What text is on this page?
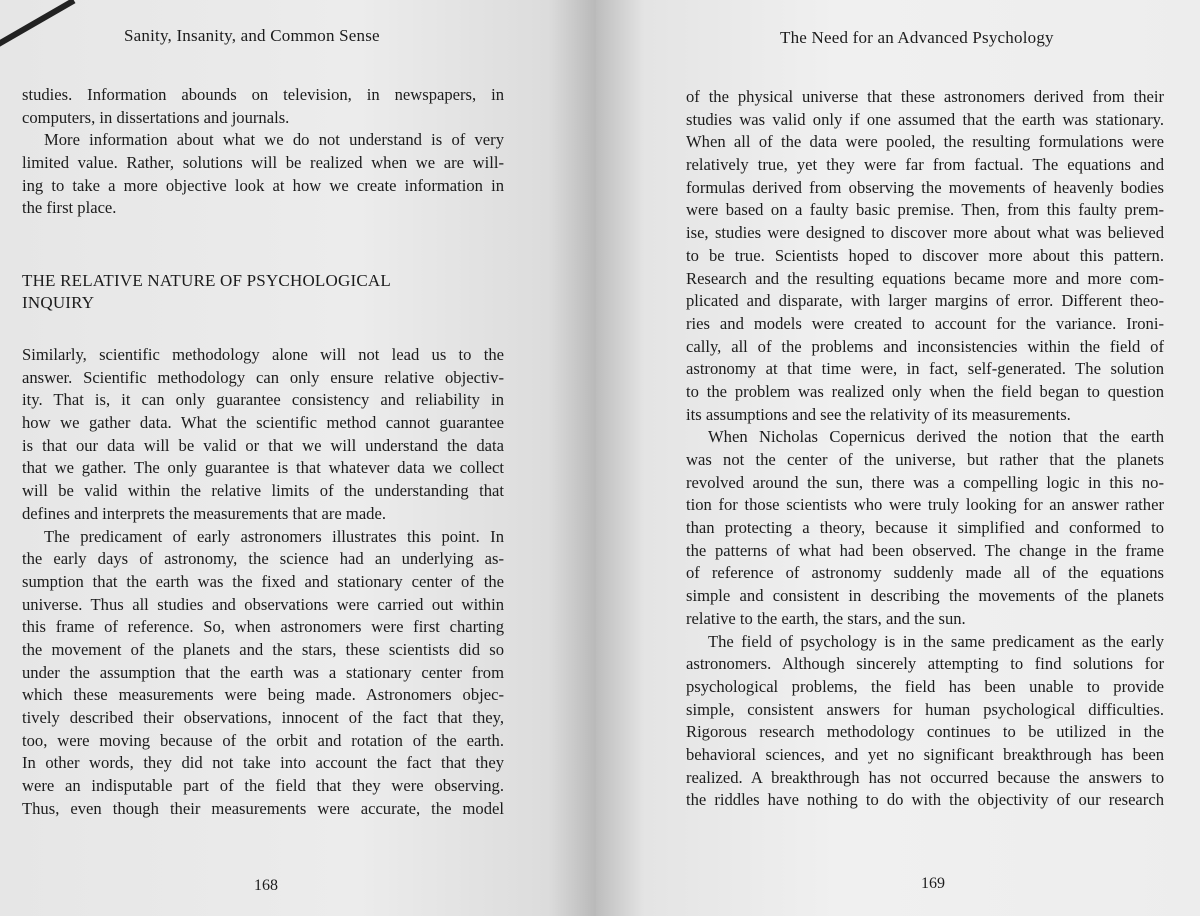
Sanity, Insanity, and Common Sense
studies. Information abounds on television, in newspapers, in
computers, in dissertations and journals.
More information about what we do not understand is of very
limited value. Rather, solutions will be realized when we are will-
ing to take a more objective look at how we create information in
the first place.
THE RELATIVE NATURE OF PSYCHOLOGICAL
INQUIRY
Similarly, scientific methodology alone will not lead us to the
answer. Scientific methodology can only ensure relative objectiv-
ity. That is, it can only guarantee consistency and reliability in
how we gather data. What the scientific method cannot guarantee
is that our data will be valid or that we will understand the data
that we gather. The only guarantee is that whatever data we collect
will be valid within the relative limits of the understanding that
defines and interprets the measurements that are made.
The predicament of early astronomers illustrates this point. In
the early days of astronomy, the science had an underlying as-
sumption that the earth was the fixed and stationary center of the
universe. Thus all studies and observations were carried out within
this frame of reference. So, when astronomers were first charting
the movement of the planets and the stars, these scientists did so
under the assumption that the earth was a stationary center from
which these measurements were being made. Astronomers objec-
tively described their observations, innocent of the fact that they,
too, were moving because of the orbit and rotation of the earth.
In other words, they did not take into account the fact that they
were an indisputable part of the field that they were observing.
Thus, even though their measurements were accurate, the model
168
The Need for an Advanced Psychology
of the physical universe that these astronomers derived from their
studies was valid only if one assumed that the earth was stationary.
When all of the data were pooled, the resulting formulations were
relatively true, yet they were far from factual. The equations and
formulas derived from observing the movements of heavenly bodies
were based on a faulty basic premise. Then, from this faulty prem-
ise, studies were designed to discover more about what was believed
to be true. Scientists hoped to discover more about this pattern.
Research and the resulting equations became more and more com-
plicated and disparate, with larger margins of error. Different theo-
ries and models were created to account for the variance. Ironi-
cally, all of the problems and inconsistencies within the field of
astronomy at that time were, in fact, self-generated. The solution
to the problem was realized only when the field began to question
its assumptions and see the relativity of its measurements.
When Nicholas Copernicus derived the notion that the earth
was not the center of the universe, but rather that the planets
revolved around the sun, there was a compelling logic in this no-
tion for those scientists who were truly looking for an answer rather
than protecting a theory, because it simplified and conformed to
the patterns of what had been observed. The change in the frame
of reference of astronomy suddenly made all of the equations
simple and consistent in describing the movements of the planets
relative to the earth, the stars, and the sun.
The field of psychology is in the same predicament as the early
astronomers. Although sincerely attempting to find solutions for
psychological problems, the field has been unable to provide
simple, consistent answers for human psychological difficulties.
Rigorous research methodology continues to be utilized in the
behavioral sciences, and yet no significant breakthrough has been
realized. A breakthrough has not occurred because the answers to
the riddles have nothing to do with the objectivity of our research
169
